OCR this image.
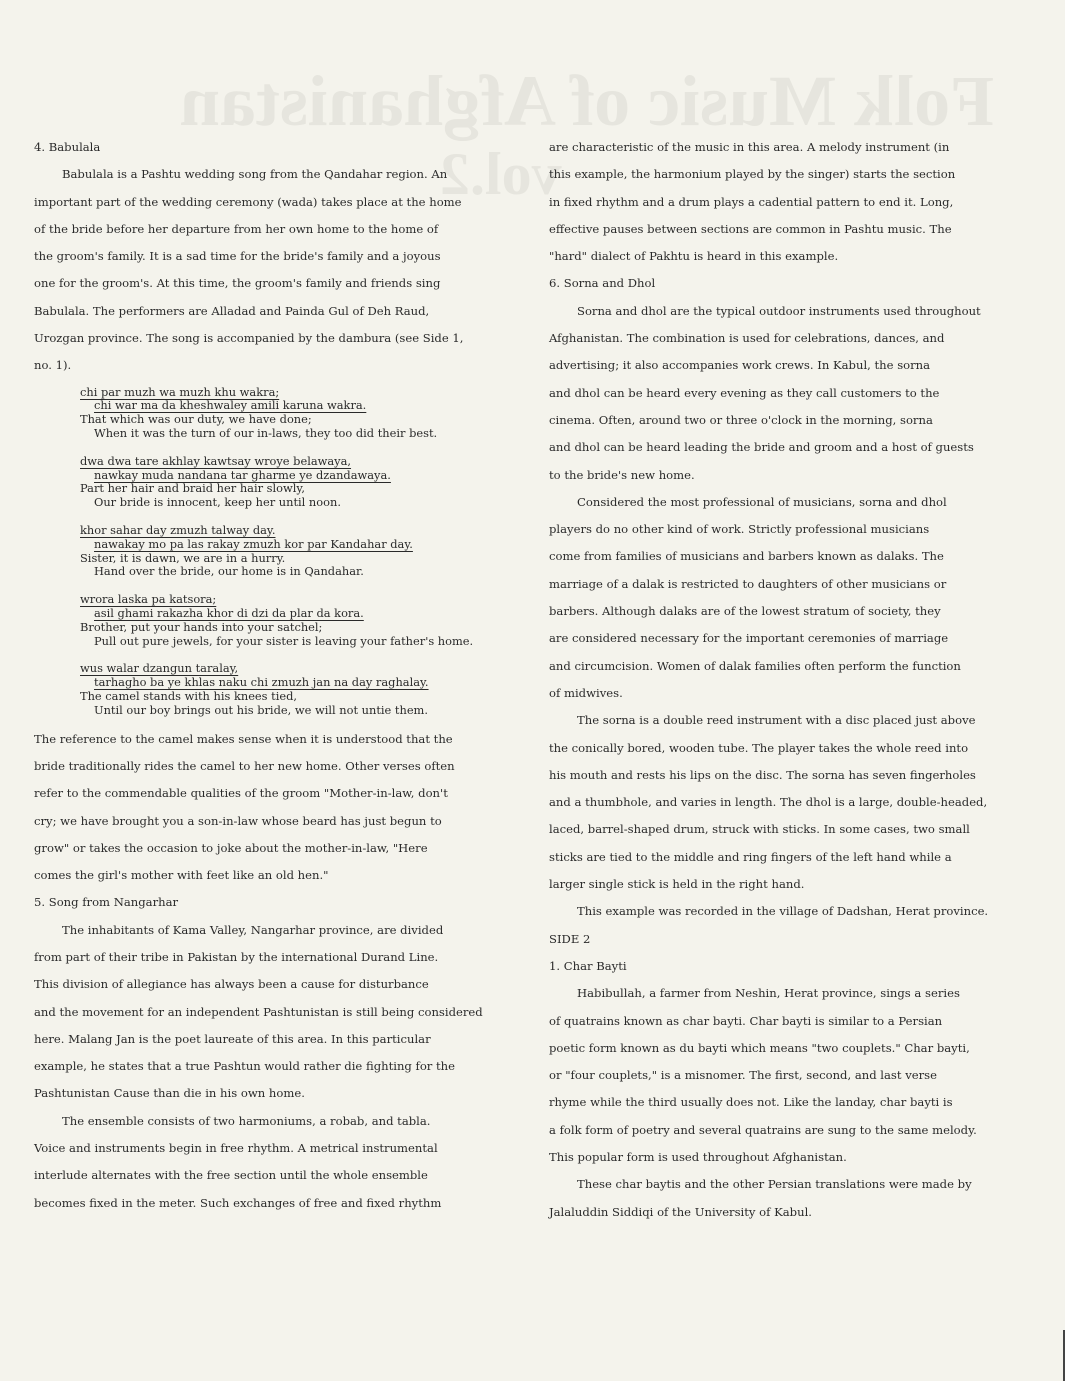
Folk Music of Afghanistan
vol.2

4. Babulala

Babulala is a Pashtu wedding song from the Qandahar region. An
important part of the wedding ceremony (wada) takes place at the home
of the bride before her departure from her own home to the home of
the groom's family. It is a sad time for the bride's family and a joyous
one for the groom's. At this time, the groom's family and friends sing
Babulala. The performers are Alladad and Painda Gul of Deh Raud,
Urozgan province. The song is accompanied by the dambura (see Side 1,
no. 1).
chi par muzh wa muzh khu wakra;
chi war ma da kheshwaley amili karuna wakra.
That which was our duty, we have done;
When it was the turn of our in-laws, they too did their best.
dwa dwa tare akhlay kawtsay wroye belawaya,
nawkay muda nandana tar gharme ye dzandawaya.
Part her hair and braid her hair slowly,
Our bride is innocent, keep her until noon.
khor sahar day zmuzh talway day.
nawakay mo pa las rakay zmuzh kor par Kandahar day.
Sister, it is dawn, we are in a hurry.
Hand over the bride, our home is in Qandahar.
wrora laska pa katsora;
asil ghami rakazha khor di dzi da plar da kora.
Brother, put your hands into your satchel;
Pull out pure jewels, for your sister is leaving your father's home.
wus walar dzangun taralay,
tarhagho ba ye khlas naku chi zmuzh jan na day raghalay.
The camel stands with his knees tied,
Until our boy brings out his bride, we will not untie them.
The reference to the camel makes sense when it is understood that the
bride traditionally rides the camel to her new home. Other verses often
refer to the commendable qualities of the groom "Mother-in-law, don't
cry; we have brought you a son-in-law whose beard has just begun to
grow" or takes the occasion to joke about the mother-in-law, "Here
comes the girl's mother with feet like an old hen."

5. Song from Nangarhar

The inhabitants of Kama Valley, Nangarhar province, are divided
from part of their tribe in Pakistan by the international Durand Line.
This division of allegiance has always been a cause for disturbance
and the movement for an independent Pashtunistan is still being considered
here. Malang Jan is the poet laureate of this area. In this particular
example, he states that a true Pashtun would rather die fighting for the
Pashtunistan Cause than die in his own home.
The ensemble consists of two harmoniums, a robab, and tabla.
Voice and instruments begin in free rhythm. A metrical instrumental
interlude alternates with the free section until the whole ensemble
becomes fixed in the meter. Such exchanges of free and fixed rhythm
are characteristic of the music in this area. A melody instrument (in
this example, the harmonium played by the singer) starts the section
in fixed rhythm and a drum plays a cadential pattern to end it. Long,
effective pauses between sections are common in Pashtu music. The
"hard" dialect of Pakhtu is heard in this example.

6. Sorna and Dhol

Sorna and dhol are the typical outdoor instruments used throughout
Afghanistan. The combination is used for celebrations, dances, and
advertising; it also accompanies work crews. In Kabul, the sorna
and dhol can be heard every evening as they call customers to the
cinema. Often, around two or three o'clock in the morning, sorna
and dhol can be heard leading the bride and groom and a host of guests
to the bride's new home.
Considered the most professional of musicians, sorna and dhol
players do no other kind of work. Strictly professional musicians
come from families of musicians and barbers known as dalaks. The
marriage of a dalak is restricted to daughters of other musicians or
barbers. Although dalaks are of the lowest stratum of society, they
are considered necessary for the important ceremonies of marriage
and circumcision. Women of dalak families often perform the function
of midwives.
The sorna is a double reed instrument with a disc placed just above
the conically bored, wooden tube. The player takes the whole reed into
his mouth and rests his lips on the disc. The sorna has seven fingerholes
and a thumbhole, and varies in length. The dhol is a large, double-headed,
laced, barrel-shaped drum, struck with sticks. In some cases, two small
sticks are tied to the middle and ring fingers of the left hand while a
larger single stick is held in the right hand.
This example was recorded in the village of Dadshan, Herat province.

SIDE 2

1. Char Bayti

Habibullah, a farmer from Neshin, Herat province, sings a series
of quatrains known as char bayti. Char bayti is similar to a Persian
poetic form known as du bayti which means "two couplets." Char bayti,
or "four couplets," is a misnomer. The first, second, and last verse
rhyme while the third usually does not. Like the landay, char bayti is
a folk form of poetry and several quatrains are sung to the same melody.
This popular form is used throughout Afghanistan.
These char baytis and the other Persian translations were made by
Jalaluddin Siddiqi of the University of Kabul.
